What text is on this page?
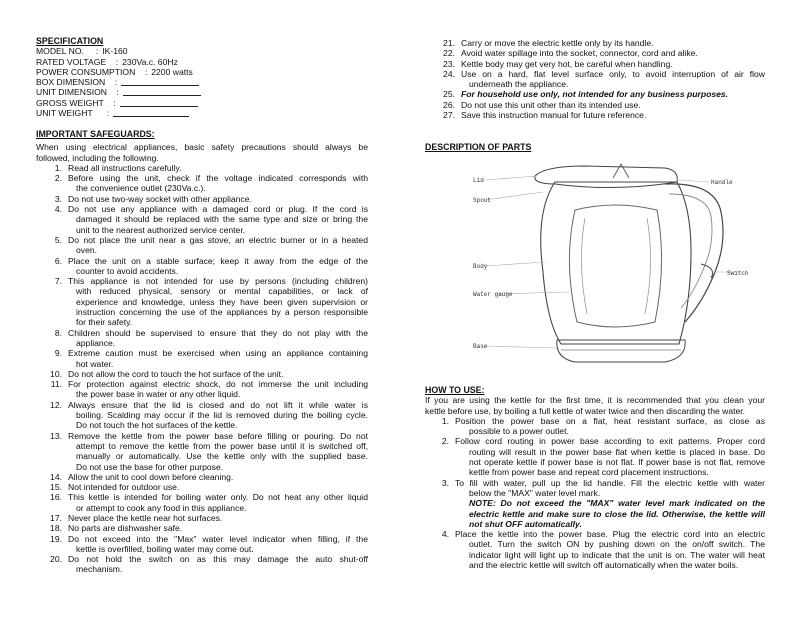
SPECIFICATION
MODEL NO.     : IK-160
RATED VOLTAGE    : 230Va.c. 60Hz
POWER CONSUMPTION    : 2200 watts
BOX DIMENSION    :
UNIT DIMENSION    :
GROSS WEIGHT    :
UNIT WEIGHT      :
IMPORTANT SAFEGUARDS:
When using electrical appliances, basic safety precautions should always be
followed, including the following.
1. Read all instructions carefully.
2. Before using the unit, check if the voltage indicated corresponds with
the convenience outlet (230Va.c.).
3. Do not use two-way socket with other appliance.
4. Do not use any appliance with a damaged cord or plug. If the cord is
damaged it should be replaced with the same type and size or bring the
unit to the nearest authorized service center.
5. Do not place the unit near a gas stove, an electric burner or in a heated
oven.
6. Place the unit on a stable surface; keep it away from the edge of the
counter to avoid accidents.
7. This appliance is not intended for use by persons (including children)
with reduced physical, sensory or mental capabilities, or lack of
experience and knowledge, unless they have been given supervision or
instruction concerning the use of the appliances by a person responsible
for their safety.
8. Children should be supervised to ensure that they do not play with the
appliance.
9. Extreme caution must be exercised when using an appliance containing
hot water.
10. Do not allow the cord to touch the hot surface of the unit.
11. For protection against electric shock, do not immerse the unit including
the power base in water or any other liquid.
12. Always ensure that the lid is closed and do not lift it while water is
boiling. Scalding may occur if the lid is removed during the boiling cycle.
Do not touch the hot surfaces of the kettle.
13. Remove the kettle from the power base before filling or pouring. Do not
attempt to remove the kettle from the power base until it is switched off,
manually or automatically. Use the kettle only with the supplied base.
Do not use the base for other purpose.
14. Allow the unit to cool down before cleaning.
15. Not intended for outdoor use.
16. This kettle is intended for boiling water only. Do not heat any other liquid
or attempt to cook any food in this appliance.
17. Never place the kettle near hot surfaces.
18. No parts are dishwasher safe.
19. Do not exceed into the "Max" water level indicator when filling, if the
kettle is overfilled, boiling water may come out.
20. Do not hold the switch on as this may damage the auto shut-off
mechanism.
21. Carry or move the electric kettle only by its handle.
22. Avoid water spillage into the socket, connector, cord and alike.
23. Kettle body may get very hot, be careful when handling.
24. Use on a hard, flat level surface only, to avoid interruption of air flow
underneath the appliance.
25. For household use only, not intended for any business purposes.
26. Do not use this unit other than its intended use.
27. Save this instruction manual for future reference.
DESCRIPTION OF PARTS
Lid
Spout
Body
Water gauge
Base
Handle
Switch
HOW TO USE:
If you are using the kettle for the first time, it is recommended that you clean your
kettle before use, by boiling a full kettle of water twice and then discarding the water.
1. Position the power base on a flat, heat resistant surface, as close as
possible to a power outlet.
2. Follow cord routing in power base according to exit patterns. Proper cord
routing will result in the power base flat when kettle is placed in base. Do
not operate kettle if power base is not flat. If power base is not flat, remove
kettle from power base and repeat cord placement instructions.
3. To fill with water, pull up the lid handle. Fill the electric kettle with water
below the "MAX" water level mark.
NOTE: Do not exceed the "MAX" water level mark indicated on the
electric kettle and make sure to close the lid. Otherwise, the kettle will
not shut OFF automatically.
4. Place the kettle into the power base. Plug the electric cord into an electric
outlet. Turn the switch ON by pushing down on the on/off switch. The
indicator light will light up to indicate that the unit is on. The water will heat
and the electric kettle will switch off automatically when the water boils.
